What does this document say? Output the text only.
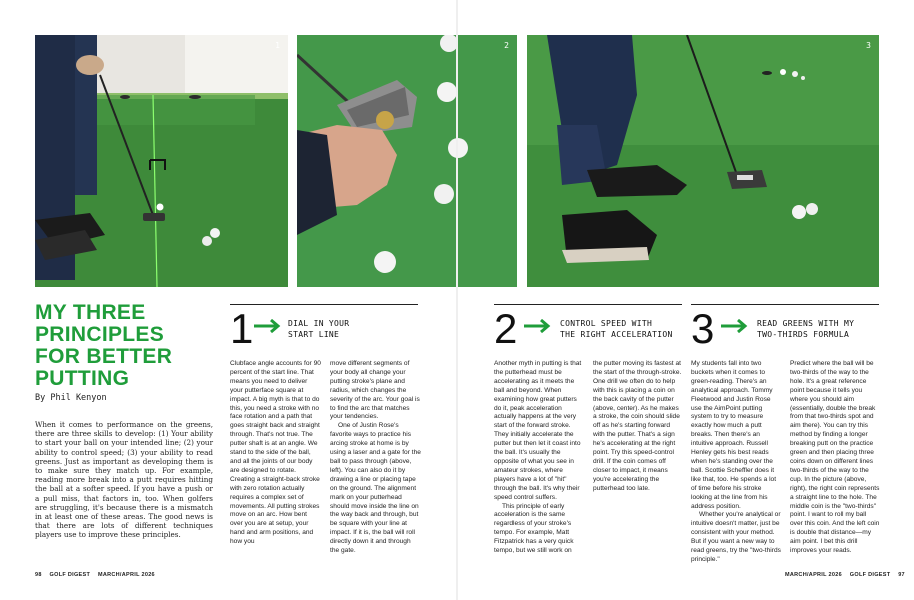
1	2	3
MY THREE
PRINCIPLES
FOR BETTER
PUTTING
By Phil Kenyon
When it comes to performance on the greens, there are three skills to develop: (1) Your ability to start your ball on your intended line; (2) your ability to control speed; (3) your ability to read greens. Just as important as developing them is to make sure they match up. For example, reading more break into a putt requires hitting the ball at a softer speed. If you have a push or a pull miss, that factors in, too. When golfers are struggling, it's because there is a mismatch in at least one of these areas. The good news is that there are lots of different techniques players use to improve these principles.
1	DIAL IN YOUR
START LINE	2	CONTROL SPEED WITH
THE RIGHT ACCELERATION 3	READ GREENS WITH MY
TWO-THIRDS FORMULA

Clubface angle accounts for 90 percent of the start line. That means you need to deliver your putterface square at impact. A big myth is that to do this, you need a stroke with no face rotation and a path that goes straight back and straight through. That's not true. The putter shaft is at an angle. We stand to the side of the ball, and all the joints of our body are designed to rotate. Creating a straight-back stroke with zero rotation actually requires a complex set of movements. All putting strokes move on an arc. How bent over you are at setup, your hand and arm positions, and how you

move different segments of your body all change your putting stroke's plane and radius, which changes the severity of the arc. Your goal is to find the arc that matches your tendencies.

One of Justin Rose's favorite ways to practice his arcing stroke at home is by using a laser and a gate for the ball to pass through (above, left). You can also do it by drawing a line or placing tape on the ground. The alignment mark on your putterhead should move inside the line on the way back and through, but be square with your line at impact. If it is, the ball will roll directly down it and through the gate.

Another myth in putting is that the putterhead must be accelerating as it meets the ball and beyond. When examining how great putters do it, peak acceleration actually happens at the very start of the forward stroke. They initially accelerate the putter but then let it coast into the ball. It's usually the opposite of what you see in amateur strokes, where players have a lot of "hit" through the ball. It's why their speed control suffers.

This principle of early acceleration is the same regardless of your stroke's tempo. For example, Matt Fitzpatrick has a very quick tempo, but we still work on

the putter moving its fastest at the start of the through-stroke. One drill we often do to help with this is placing a coin on the back cavity of the putter (above, center). As he makes a stroke, the coin should slide off as he's starting forward with the putter. That's a sign he's accelerating at the right point. Try this speed-control drill. If the coin comes off closer to impact, it means you're accelerating the putterhead too late.

My students fall into two buckets when it comes to green-reading. There's an analytical approach. Tommy Fleetwood and Justin Rose use the AimPoint putting system to try to measure exactly how much a putt breaks. Then there's an intuitive approach. Russell Henley gets his best reads when he's standing over the ball. Scottie Scheffler does it like that, too. He spends a lot of time before his stroke looking at the line from his address position.

Whether you're analytical or intuitive doesn't matter, just be consistent with your method. But if you want a new way to read greens, try the "two-thirds principle."

Predict where the ball will be two-thirds of the way to the hole. It's a great reference point because it tells you where you should aim (essentially, double the break from that two-thirds spot and aim there). You can try this method by finding a longer breaking putt on the practice green and then placing three coins down on different lines two-thirds of the way to the cup. In the picture (above, right), the right coin represents a straight line to the hole. The middle coin is the "two-thirds" point. I want to roll my ball over this coin. And the left coin is double that distance—my aim point. I bet this drill improves your reads.

98 GOLF DIGEST MARCH/APRIL 2026	MARCH/APRIL 2026 GOLF DIGEST 97
